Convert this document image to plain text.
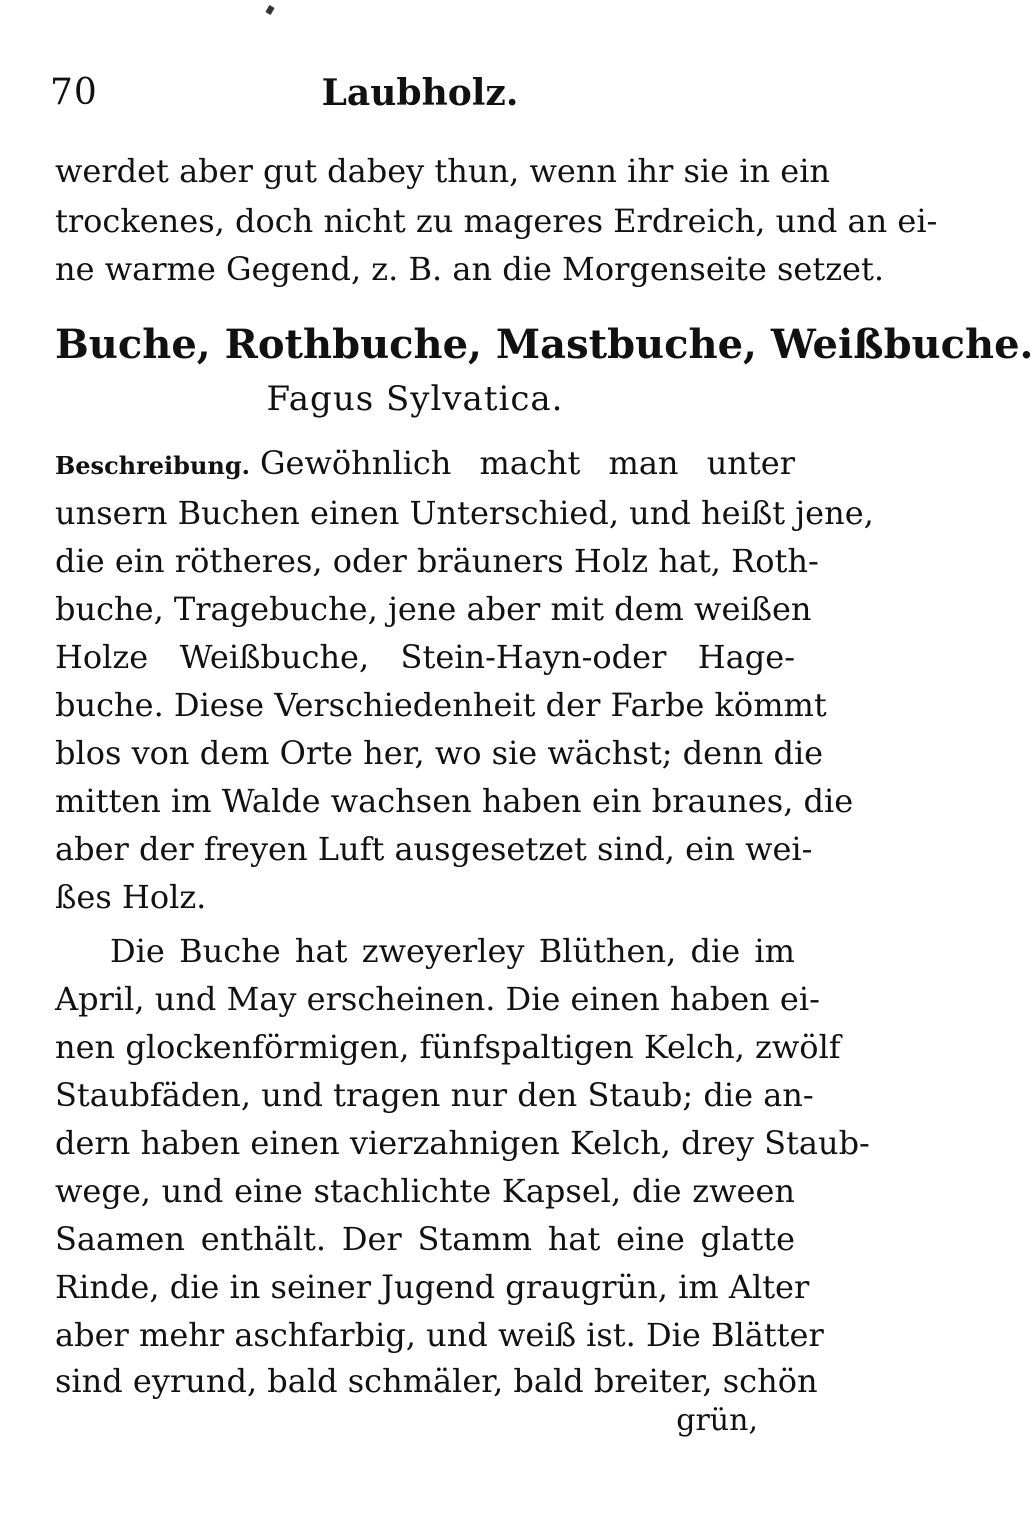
70	Laubholz.
werdet aber gut dabey thun, wenn ihr sie in ein
trockenes, doch nicht zu mageres Erdreich, und an ei-
ne warme Gegend, z. B. an die Morgenseite setzet.
Buche, Rothbuche, Mastbuche, Weißbuche.
Fagus Sylvatica.
Beschreibung. Gewöhnlich macht man unter
unsern Buchen einen Unterschied, und heißt jene,
die ein rötheres, oder bräuners Holz hat, Roth-
buche, Tragebuche, jene aber mit dem weißen
Holze Weißbuche, Stein-Hayn-oder Hage-
buche. Diese Verschiedenheit der Farbe kömmt
blos von dem Orte her, wo sie wächst; denn die
mitten im Walde wachsen haben ein braunes, die
aber der freyen Luft ausgesetzet sind, ein wei-
ßes Holz.
Die Buche hat zweyerley Blüthen, die im
April, und May erscheinen. Die einen haben ei-
nen glockenförmigen, fünfspaltigen Kelch, zwölf
Staubfäden, und tragen nur den Staub; die an-
dern haben einen vierzahnigen Kelch, drey Staub-
wege, und eine stachlichte Kapsel, die zween
Saamen enthält. Der Stamm hat eine glatte
Rinde, die in seiner Jugend graugrün, im Alter
aber mehr aschfarbig, und weiß ist. Die Blätter
sind eyrund, bald schmäler, bald breiter, schön
grün,
